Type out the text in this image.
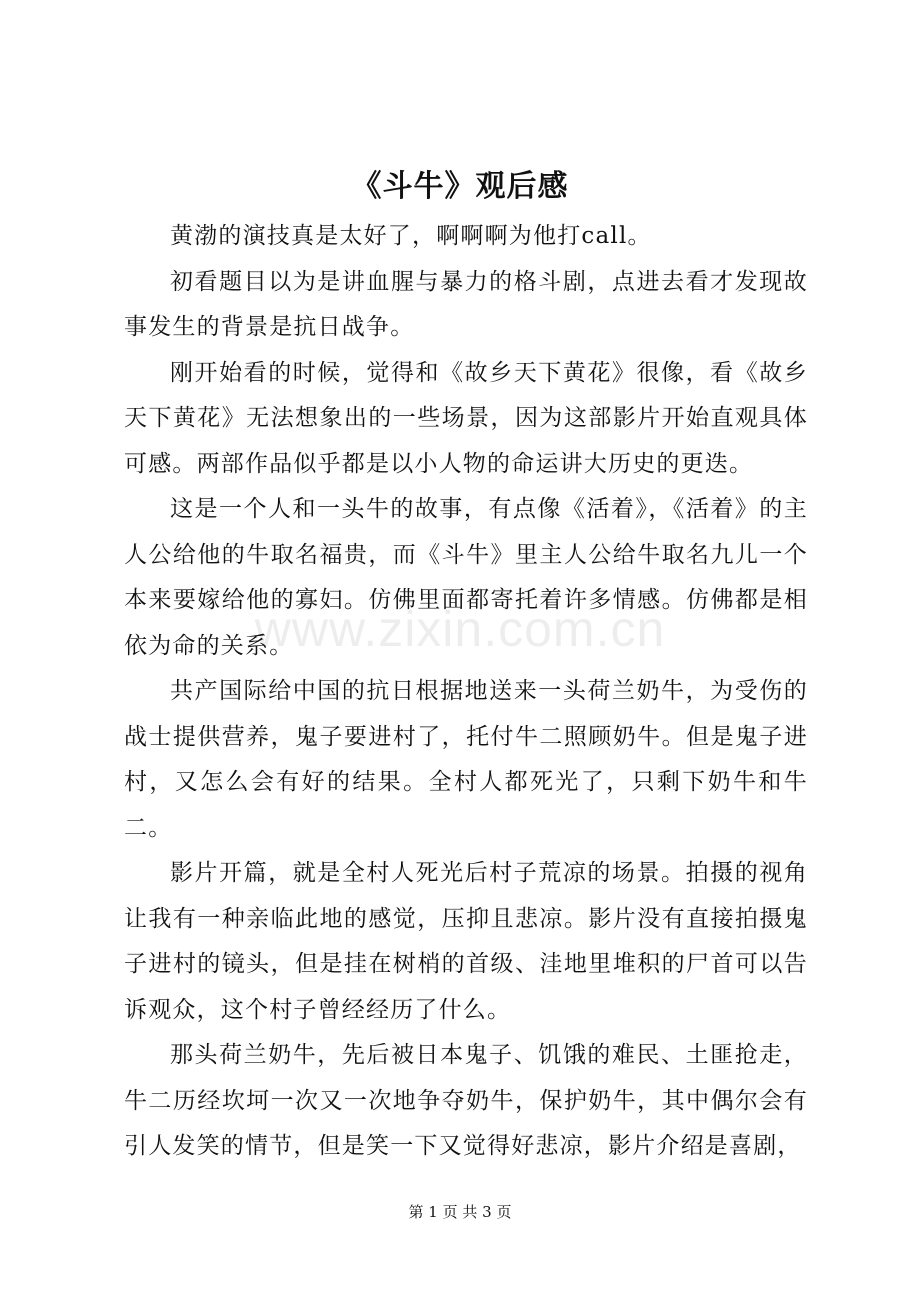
《斗牛》观后感

黄渤的演技真是太好了，啊啊啊为他打call。

初看题目以为是讲血腥与暴力的格斗剧，点进去看才发现故事发生的背景是抗日战争。

刚开始看的时候，觉得和《故乡天下黄花》很像，看《故乡天下黄花》无法想象出的一些场景，因为这部影片开始直观具体可感。两部作品似乎都是以小人物的命运讲大历史的更迭。

这是一个人和一头牛的故事，有点像《活着》，《活着》的主人公给他的牛取名福贵，而《斗牛》里主人公给牛取名九儿一个本来要嫁给他的寡妇。仿佛里面都寄托着许多情感。仿佛都是相依为命的关系。

共产国际给中国的抗日根据地送来一头荷兰奶牛，为受伤的战士提供营养，鬼子要进村了，托付牛二照顾奶牛。但是鬼子进村，又怎么会有好的结果。全村人都死光了，只剩下奶牛和牛二。

影片开篇，就是全村人死光后村子荒凉的场景。拍摄的视角让我有一种亲临此地的感觉，压抑且悲凉。影片没有直接拍摄鬼子进村的镜头，但是挂在树梢的首级、洼地里堆积的尸首可以告诉观众，这个村子曾经经历了什么。

那头荷兰奶牛，先后被日本鬼子、饥饿的难民、土匪抢走，牛二历经坎坷一次又一次地争夺奶牛，保护奶牛，其中偶尔会有引人发笑的情节，但是笑一下又觉得好悲凉，影片介绍是喜剧，

www.zixin.com.cn
第 1 页 共 3 页
